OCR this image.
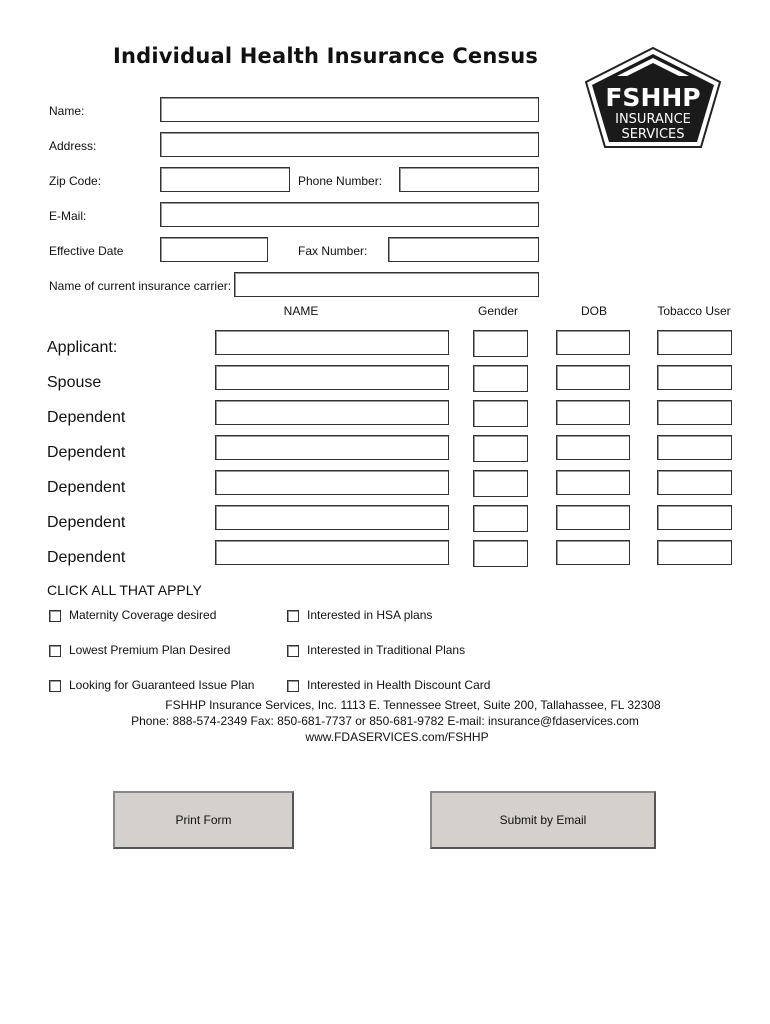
Individual Health Insurance Census
FSHHP
INSURANCE
SERVICES
Name:
Address:
Zip Code:	Phone Number:
E-Mail:
Effective Date	Fax Number:
Name of current insurance carrier:
NAME	Gender	DOB	Tobacco User
Applicant:
Spouse
Dependent
Dependent
Dependent
Dependent
Dependent
CLICK ALL THAT APPLY
Maternity Coverage desired	Interested in HSA plans
Lowest Premium Plan Desired	Interested in Traditional Plans
Looking for Guaranteed Issue Plan	Interested in Health Discount Card
FSHHP Insurance Services, Inc. 1113 E. Tennessee Street, Suite 200, Tallahassee, FL 32308
Phone: 888-574-2349 Fax: 850-681-7737 or 850-681-9782 E-mail: insurance@fdaservices.com
www.FDASERVICES.com/FSHHP
Print Form	Submit by Email
